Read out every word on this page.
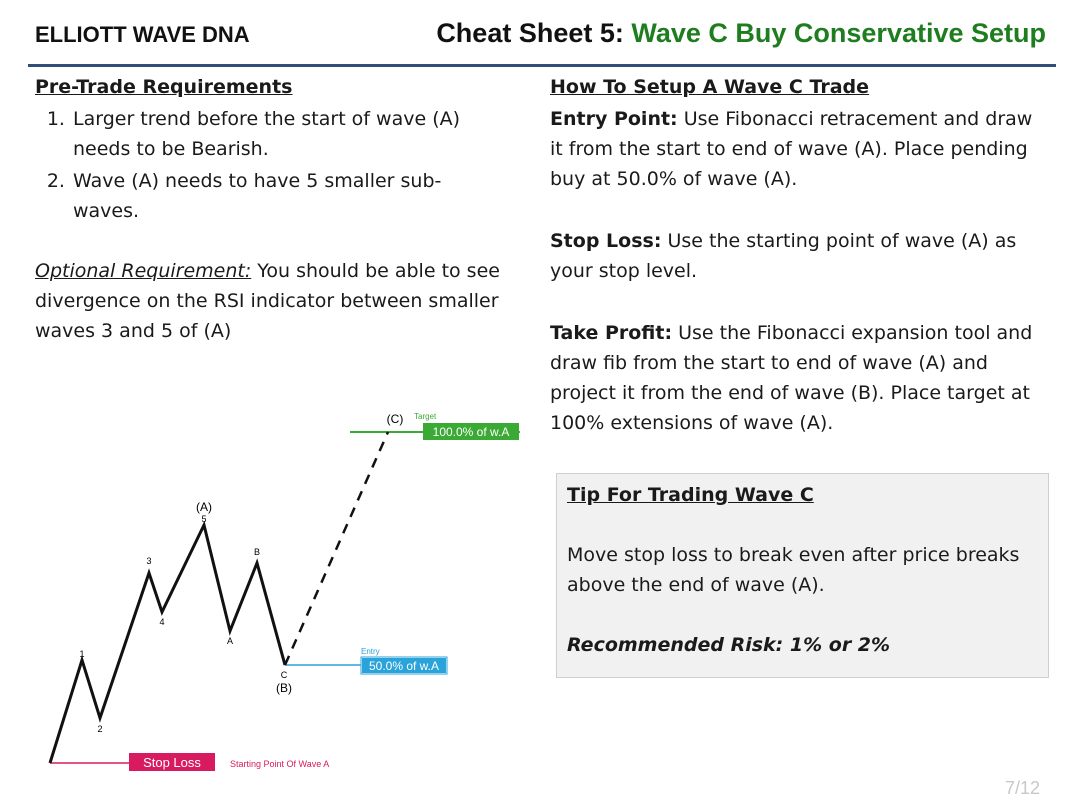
ELLIOTT WAVE DNA	Cheat Sheet 5: Wave C Buy Conservative Setup
Pre-Trade Requirements
1. Larger trend before the start of wave (A) needs to be Bearish.
2. Wave (A) needs to have 5 smaller sub-waves.
Optional Requirement: You should be able to see divergence on the RSI indicator between smaller waves 3 and 5 of (A)
How To Setup A Wave C Trade
Entry Point: Use Fibonacci retracement and draw it from the start to end of wave (A). Place pending buy at 50.0% of wave (A).
Stop Loss: Use the starting point of wave (A) as your stop level.
Take Profit: Use the Fibonacci expansion tool and draw fib from the start to end of wave (A) and project it from the end of wave (B). Place target at 100% extensions of wave (A).
Tip For Trading Wave C
Move stop loss to break even after price breaks above the end of wave (A).
Recommended Risk: 1% or 2%
100.0% of w.A
Target
50.0% of w.A
Entry
Stop Loss	Starting Point Of Wave A
1
2
3
4
5
(A)
A
B
C
(B)
(C)
7/12
